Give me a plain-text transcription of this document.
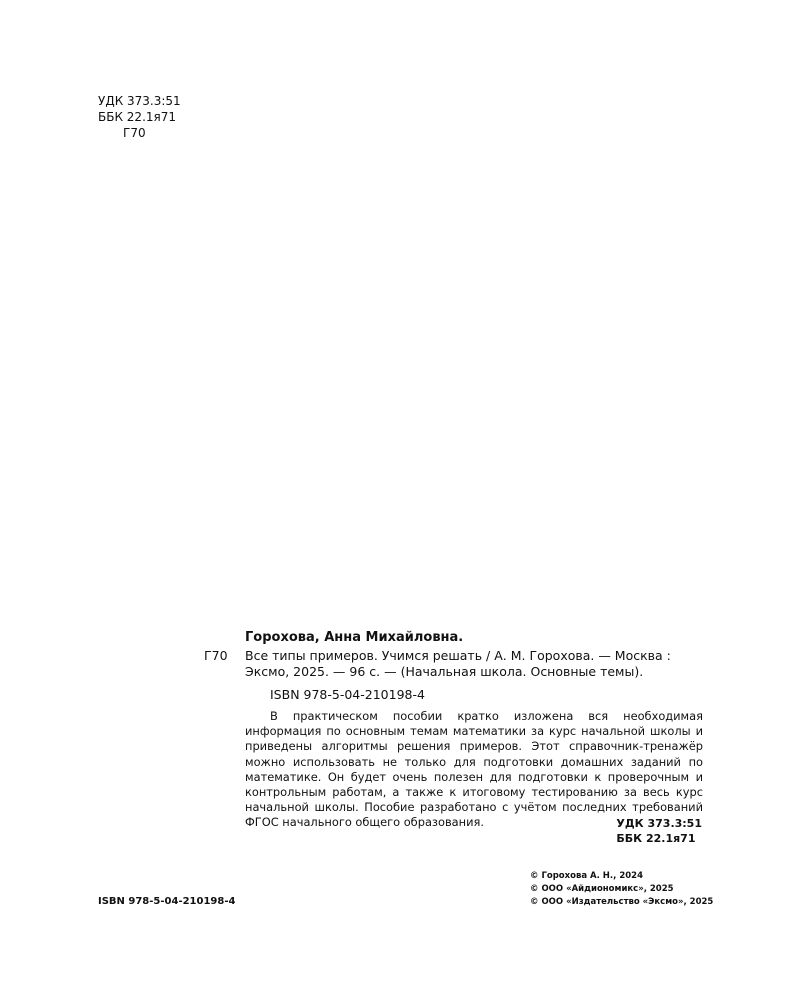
УДК 373.3:51
ББК 22.1я71
Г70
Горохова, Анна Михайловна.
Г70 Все типы примеров. Учимся решать / А. М. Горохова. — Москва : Эксмо, 2025. — 96 с. — (Начальная школа. Основные темы).
ISBN 978-5-04-210198-4

В практическом пособии кратко изложена вся необходимая информация по основным темам математики за курс начальной школы и приведены алгоритмы решения примеров. Этот справочник-тренажёр можно использовать не только для подготовки домашних заданий по математике. Он будет очень полезен для подготовки к проверочным и контрольным работам, а также к итоговому тестированию за весь курс начальной школы. Пособие разработано с учётом последних требований ФГОС начального общего образования.	УДК 373.3:51
ББК 22.1я71
© Горохова А. Н., 2024
© ООО «Айдиономикс», 2025
© ООО «Издательство «Эксмо», 2025
ISBN 978-5-04-210198-4
